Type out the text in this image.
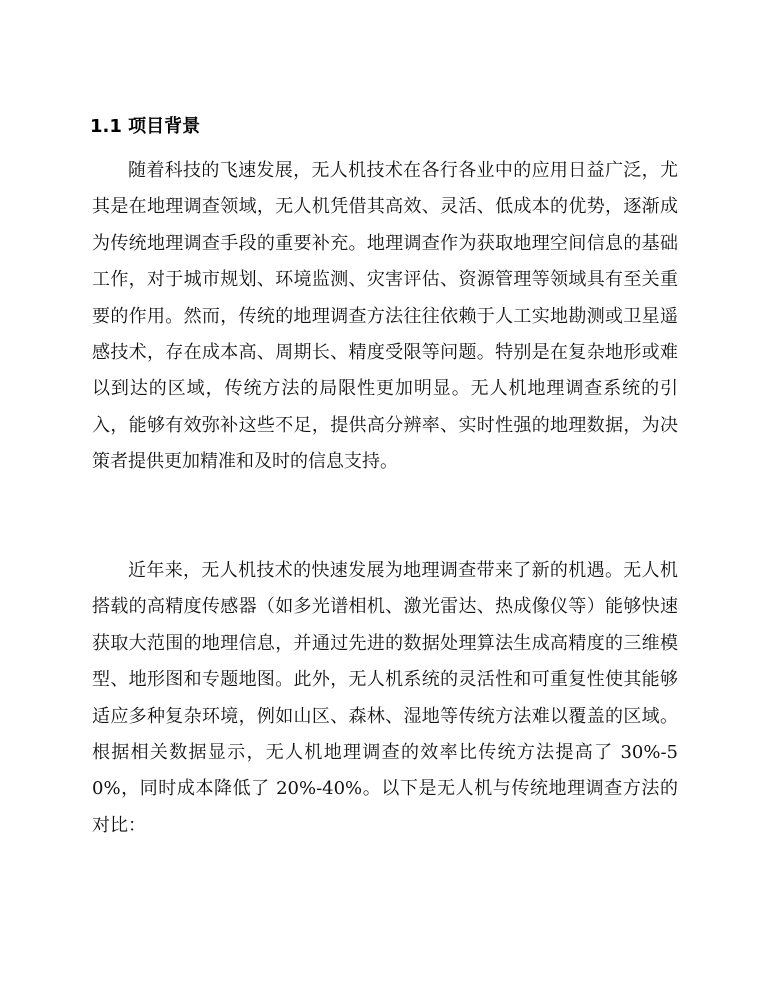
1.1 项目背景

随着科技的飞速发展，无人机技术在各行各业中的应用日益广泛，尤其是在地理调查领域，无人机凭借其高效、灵活、低成本的优势，逐渐成为传统地理调查手段的重要补充。地理调查作为获取地理空间信息的基础工作，对于城市规划、环境监测、灾害评估、资源管理等领域具有至关重要的作用。然而，传统的地理调查方法往往依赖于人工实地勘测或卫星遥感技术，存在成本高、周期长、精度受限等问题。特别是在复杂地形或难以到达的区域，传统方法的局限性更加明显。无人机地理调查系统的引入，能够有效弥补这些不足，提供高分辨率、实时性强的地理数据，为决策者提供更加精准和及时的信息支持。

近年来，无人机技术的快速发展为地理调查带来了新的机遇。无人机搭载的高精度传感器（如多光谱相机、激光雷达、热成像仪等）能够快速获取大范围的地理信息，并通过先进的数据处理算法生成高精度的三维模型、地形图和专题地图。此外，无人机系统的灵活性和可重复性使其能够适应多种复杂环境，例如山区、森林、湿地等传统方法难以覆盖的区域。根据相关数据显示，无人机地理调查的效率比传统方法提高了 30%-50%，同时成本降低了 20%-40%。以下是无人机与传统地理调查方法的对比：
